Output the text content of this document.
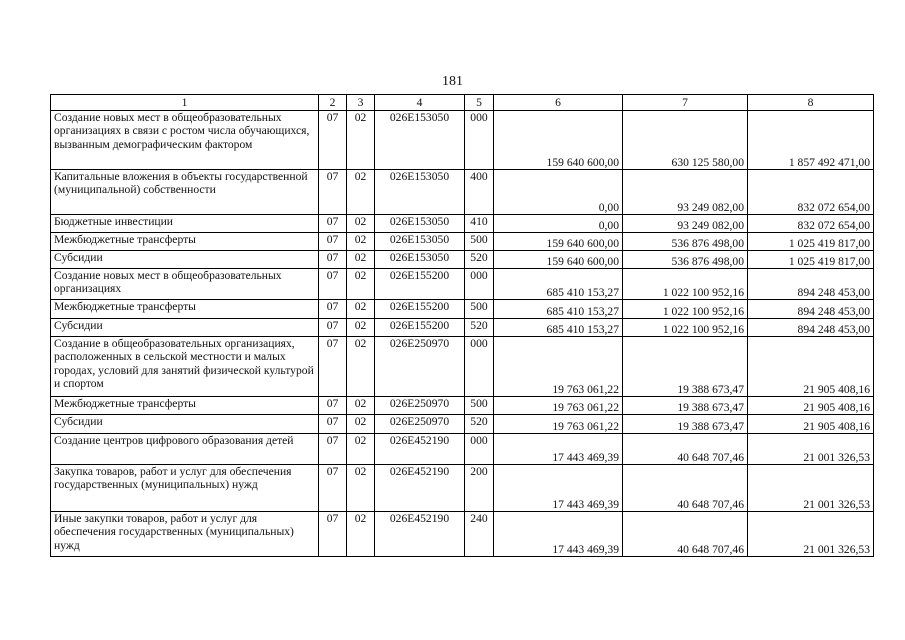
181
1	2	3	4	5	6	7	8
Создание новых мест в общеобразовательных организациях в связи с ростом числа обучающихся, вызванным демографическим фактором	07	02	026E153050	000	159 640 600,00	630 125 580,00	1 857 492 471,00

Капитальные вложения в объекты государственной (муниципальной) собственности	07	02	026E153050	400	0,00	93 249 082,00	832 072 654,00

Бюджетные инвестиции	07	02	026E153050	410	0,00	93 249 082,00	832 072 654,00

Межбюджетные трансферты	07	02	026E153050	500	159 640 600,00	536 876 498,00	1 025 419 817,00

Субсидии	07	02	026E153050	520	159 640 600,00	536 876 498,00	1 025 419 817,00

Создание новых мест в общеобразовательных организациях	07	02	026E155200	000	685 410 153,27	1 022 100 952,16	894 248 453,00

Межбюджетные трансферты	07	02	026E155200	500	685 410 153,27	1 022 100 952,16	894 248 453,00

Субсидии	07	02	026E155200	520	685 410 153,27	1 022 100 952,16	894 248 453,00

Создание в общеобразовательных организациях, расположенных в сельской местности и малых городах, условий для занятий физической культурой и спортом	07	02	026E250970	000	19 763 061,22	19 388 673,47	21 905 408,16

Межбюджетные трансферты	07	02	026E250970	500	19 763 061,22	19 388 673,47	21 905 408,16

Субсидии	07	02	026E250970	520	19 763 061,22	19 388 673,47	21 905 408,16

Создание центров цифрового образования детей	07	02	026E452190	000	17 443 469,39	40 648 707,46	21 001 326,53

Закупка товаров, работ и услуг для обеспечения государственных (муниципальных) нужд	07	02	026E452190	200	17 443 469,39	40 648 707,46	21 001 326,53

Иные закупки товаров, работ и услуг для обеспечения государственных (муниципальных) нужд	07	02	026E452190	240	17 443 469,39	40 648 707,46	21 001 326,53
